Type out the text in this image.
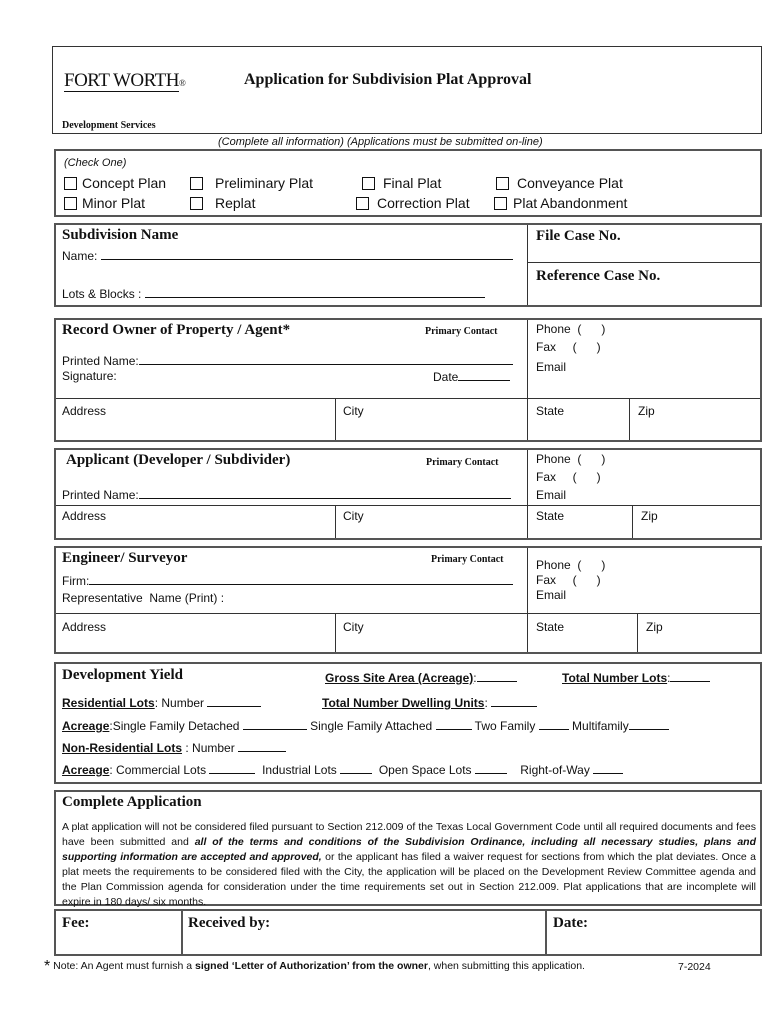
FORT WORTH®
Development Services
Application for Subdivision Plat Approval
(Complete all information) (Applications must be submitted on-line)
(Check One)
Concept Plan	Preliminary Plat	Final Plat	Conveyance Plat
Minor Plat	Replat	Correction Plat	Plat Abandonment
Subdivision Name
Name:
Lots & Blocks :
File Case No.
Reference Case No.
Record Owner of Property / Agent*	Primary Contact
Printed Name:
Signature:	Date
Phone  (      )
Fax     (      )
Email
Address	City	State	Zip
Applicant (Developer / Subdivider)	Primary Contact
Printed Name:
Phone  (      )
Fax     (      )
Email
Address	City	State	Zip
Engineer/ Surveyor	Primary Contact
Firm:
Representative  Name (Print) :
Phone  (      )
Fax     (      )
Email
Address	City	State	Zip
Development Yield	Gross Site Area (Acreage):	Total Number Lots:
Residential Lots: Number	Total Number Dwelling Units:
Acreage:Single Family Detached	Single Family Attached	Two Family	Multifamily
Non-Residential Lots : Number
Acreage: Commercial Lots	Industrial Lots	Open Space Lots	Right-of-Way
Complete Application
A plat application will not be considered filed pursuant to Section 212.009 of the Texas Local Government Code until all required documents and fees have been submitted and all of the terms and conditions of the Subdivision Ordinance, including all necessary studies, plans and supporting information are accepted and approved, or the applicant has filed a waiver request for sections from which the plat deviates. Once a plat meets the requirements to be considered filed with the City, the application will be placed on the Development Review Committee agenda and the Plan Commission agenda for consideration under the time requirements set out in Section 212.009. Plat applications that are incomplete will expire in 180 days/ six months.
Fee:	Received by:	Date:
* Note: An Agent must furnish a signed ‘Letter of Authorization’ from the owner, when submitting this application.	7-2024
